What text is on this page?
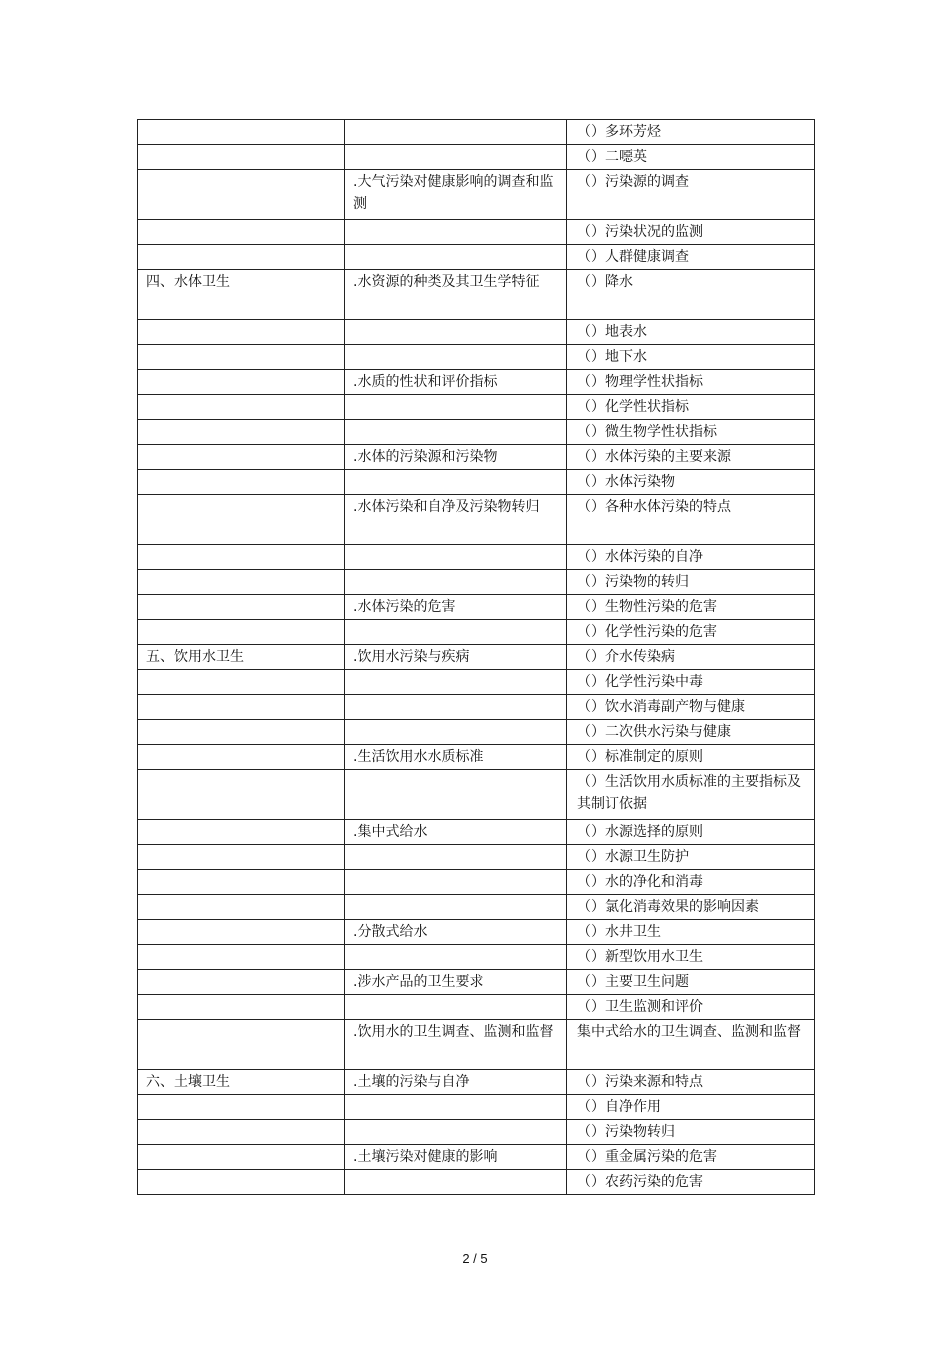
		（）多环芳烃
		（）二噁英
	.大气污染对健康影响的调查和监测	（）污染源的调查
		（）污染状况的监测
		（）人群健康调查
四、水体卫生	.水资源的种类及其卫生学特征	（）降水
		（）地表水
		（）地下水
	.水质的性状和评价指标	（）物理学性状指标
		（）化学性状指标
		（）微生物学性状指标
	.水体的污染源和污染物	（）水体污染的主要来源
		（）水体污染物
	.水体污染和自净及污染物转归	（）各种水体污染的特点
		（）水体污染的自净
		（）污染物的转归
	.水体污染的危害	（）生物性污染的危害
		（）化学性污染的危害
五、饮用水卫生	.饮用水污染与疾病	（）介水传染病
		（）化学性污染中毒
		（）饮水消毒副产物与健康
		（）二次供水污染与健康
	.生活饮用水水质标准	（）标准制定的原则
		（）生活饮用水质标准的主要指标及其制订依据
	.集中式给水	（）水源选择的原则
		（）水源卫生防护
		（）水的净化和消毒
		（）氯化消毒效果的影响因素
	.分散式给水	（）水井卫生
		（）新型饮用水卫生
	.涉水产品的卫生要求	（）主要卫生问题
		（）卫生监测和评价
	.饮用水的卫生调查、监测和监督	集中式给水的卫生调查、监测和监督
六、土壤卫生	.土壤的污染与自净	（）污染来源和特点
		（）自净作用
		（）污染物转归
	.土壤污染对健康的影响	（）重金属污染的危害
		（）农药污染的危害
2 / 5
